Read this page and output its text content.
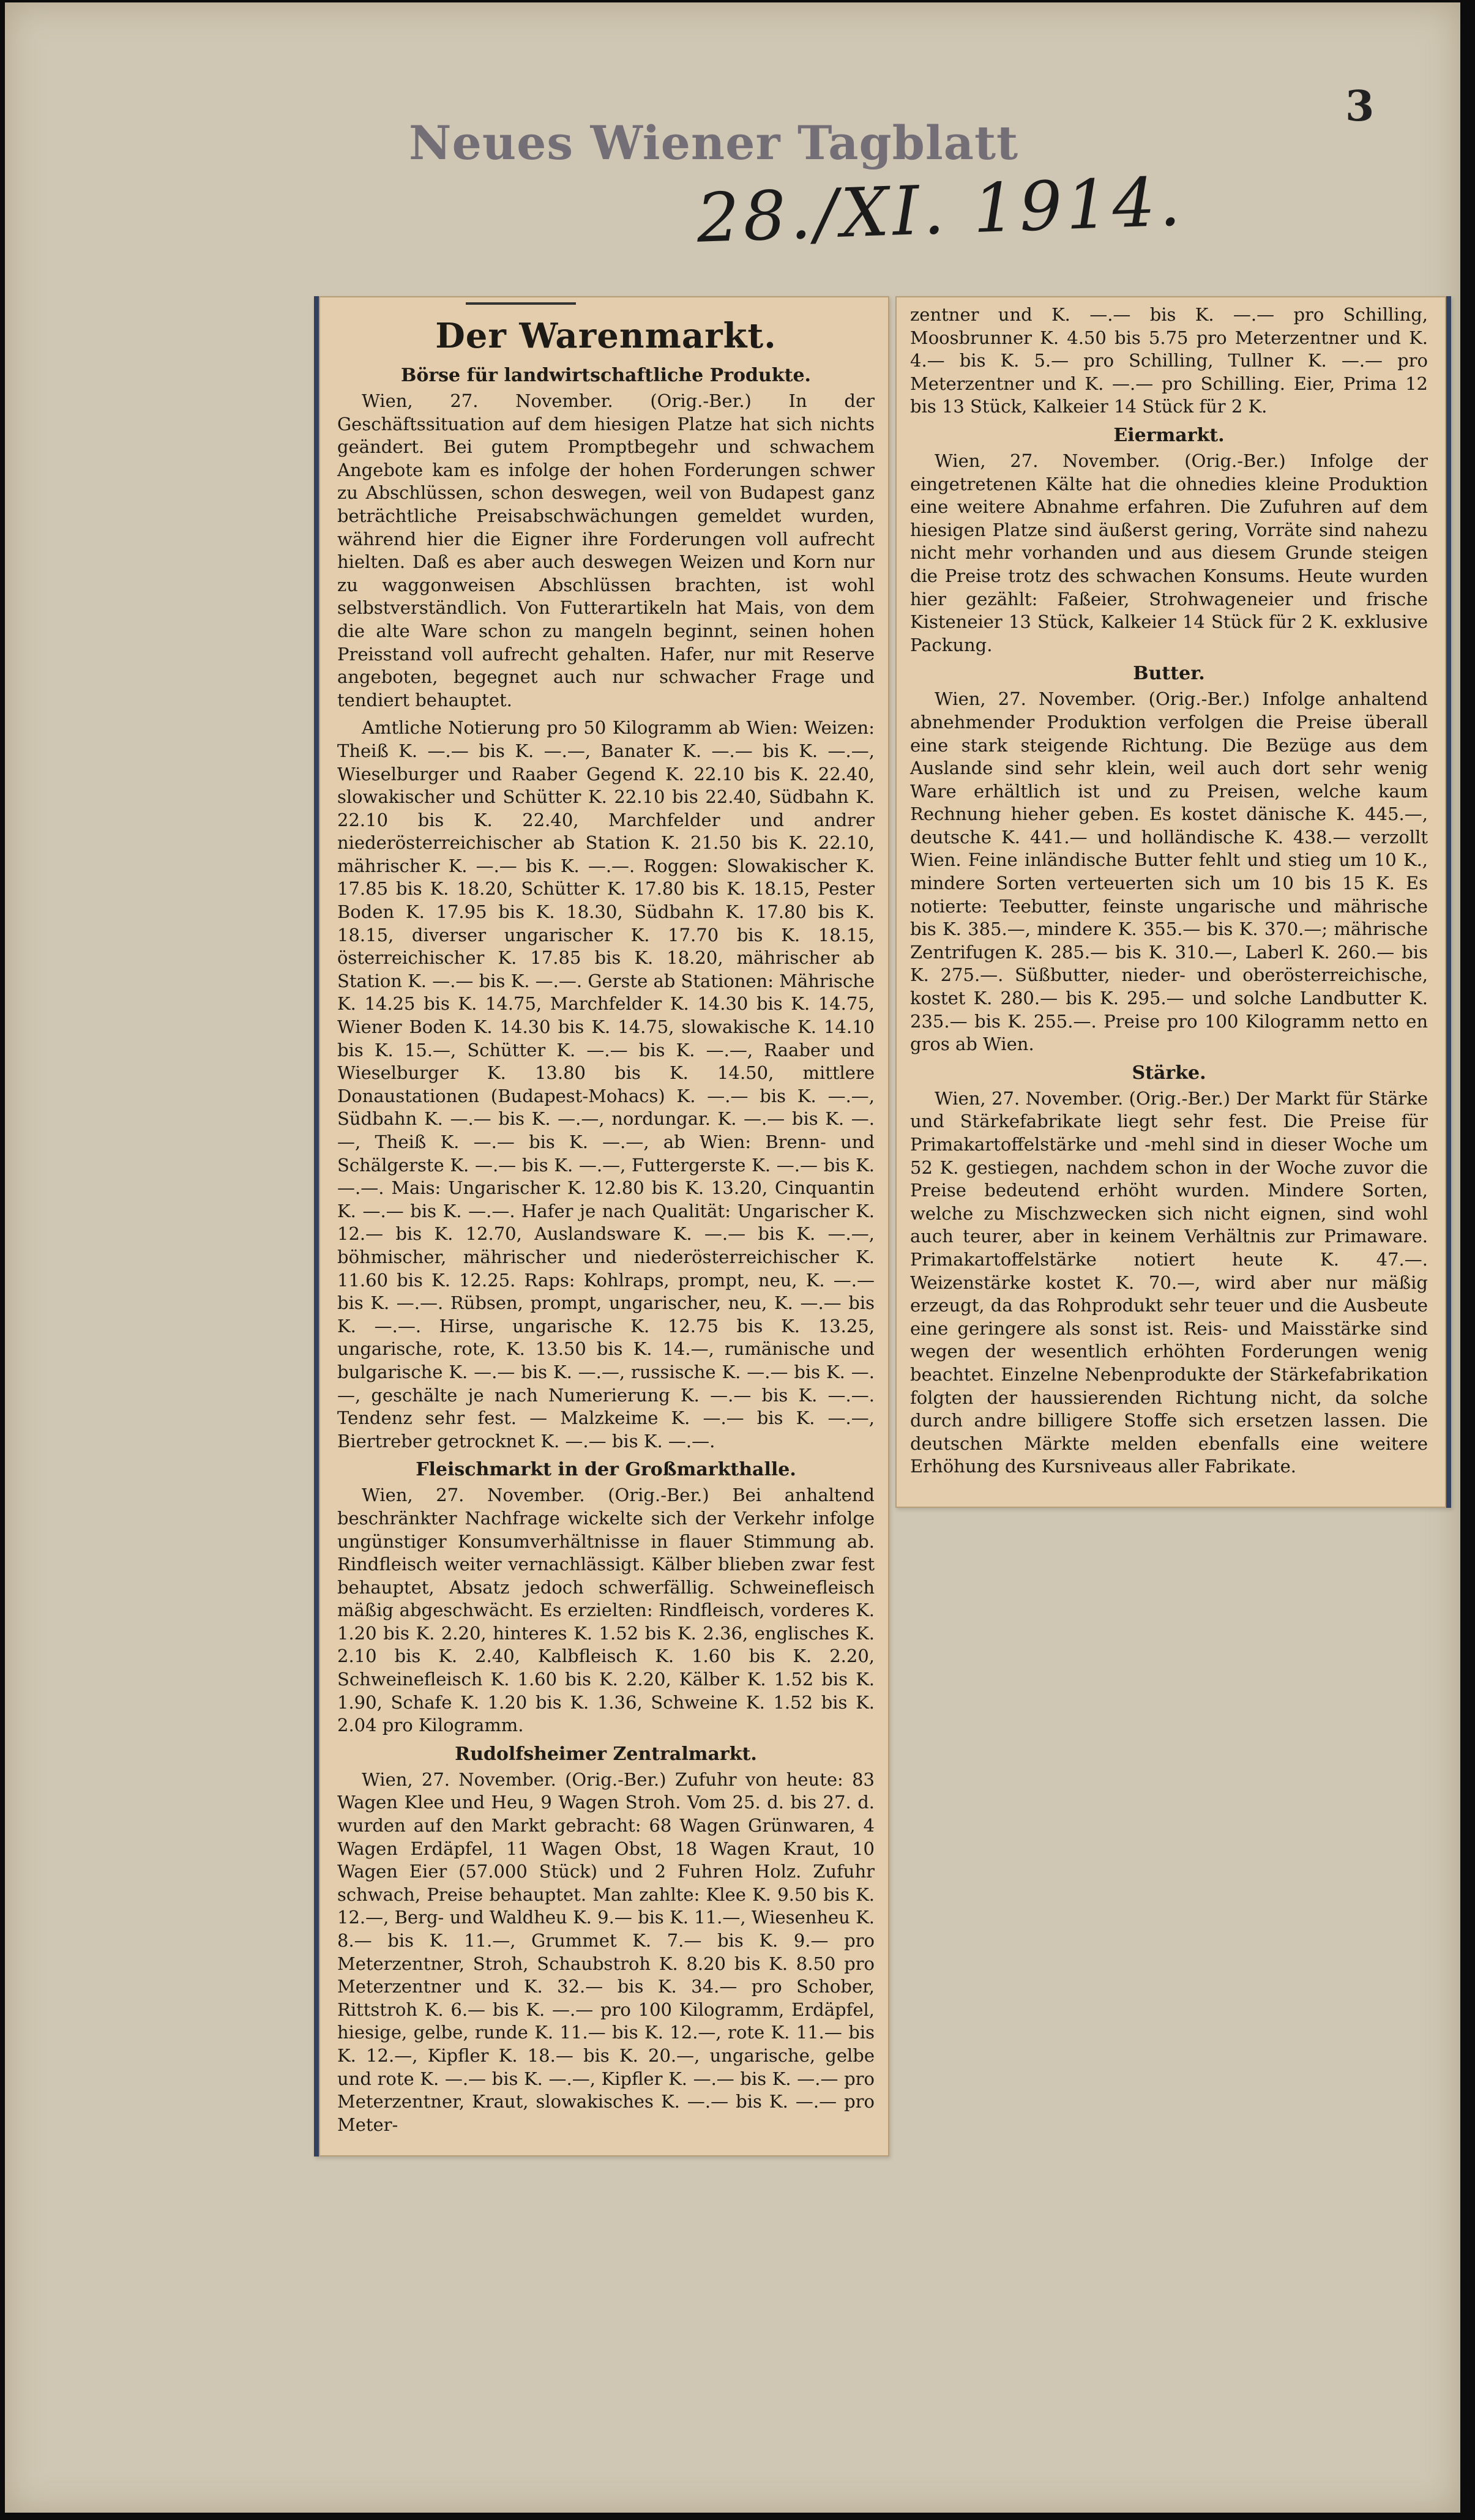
3
Neues Wiener Tagblatt
28./XI. 1914.
Der Warenmarkt.
Börse für landwirtschaftliche Produkte.

Wien, 27. November. (Orig.-Ber.) In der Geschäftssituation auf dem hiesigen Platze hat sich nichts geändert. Bei gutem Promptbegehr und schwachem Angebote kam es infolge der hohen Forderungen schwer zu Abschlüssen, schon deswegen, weil von Budapest ganz beträchtliche Preisabschwächungen gemeldet wurden, während hier die Eigner ihre Forderungen voll aufrecht hielten. Daß es aber auch deswegen Weizen und Korn nur zu waggonweisen Abschlüssen brachten, ist wohl selbstverständlich. Von Futterartikeln hat Mais, von dem die alte Ware schon zu mangeln beginnt, seinen hohen Preisstand voll aufrecht gehalten. Hafer, nur mit Reserve angeboten, begegnet auch nur schwacher Frage und tendiert behauptet.

Amtliche Notierung pro 50 Kilogramm ab Wien: Weizen: Theiß K. —.— bis K. —.—, Banater K. —.— bis K. —.—, Wieselburger und Raaber Gegend K. 22.10 bis K. 22.40, slowakischer und Schütter K. 22.10 bis 22.40, Südbahn K. 22.10 bis K. 22.40, Marchfelder und andrer niederösterreichischer ab Station K. 21.50 bis K. 22.10, mährischer K. —.— bis K. —.—. Roggen: Slowakischer K. 17.85 bis K. 18.20, Schütter K. 17.80 bis K. 18.15, Pester Boden K. 17.95 bis K. 18.30, Südbahn K. 17.80 bis K. 18.15, diverser ungarischer K. 17.70 bis K. 18.15, österreichischer K. 17.85 bis K. 18.20, mährischer ab Station K. —.— bis K. —.—. Gerste ab Stationen: Mährische K. 14.25 bis K. 14.75, Marchfelder K. 14.30 bis K. 14.75, Wiener Boden K. 14.30 bis K. 14.75, slowakische K. 14.10 bis K. 15.—, Schütter K. —.— bis K. —.—, Raaber und Wieselburger K. 13.80 bis K. 14.50, mittlere Donaustationen (Budapest-Mohacs) K. —.— bis K. —.—, Südbahn K. —.— bis K. —.—, nordungar. K. —.— bis K. —.—, Theiß K. —.— bis K. —.—, ab Wien: Brenn- und Schälgerste K. —.— bis K. —.—, Futtergerste K. —.— bis K. —.—. Mais: Ungarischer K. 12.80 bis K. 13.20, Cinquantin K. —.— bis K. —.—. Hafer je nach Qualität: Ungarischer K. 12.— bis K. 12.70, Auslandsware K. —.— bis K. —.—, böhmischer, mährischer und niederösterreichischer K. 11.60 bis K. 12.25. Raps: Kohlraps, prompt, neu, K. —.— bis K. —.—. Rübsen, prompt, ungarischer, neu, K. —.— bis K. —.—. Hirse, ungarische K. 12.75 bis K. 13.25, ungarische, rote, K. 13.50 bis K. 14.—, rumänische und bulgarische K. —.— bis K. —.—, russische K. —.— bis K. —.—, geschälte je nach Numerierung K. —.— bis K. —.—. Tendenz sehr fest. — Malzkeime K. —.— bis K. —.—, Biertreber getrocknet K. —.— bis K. —.—.

Fleischmarkt in der Großmarkthalle.

Wien, 27. November. (Orig.-Ber.) Bei anhaltend beschränkter Nachfrage wickelte sich der Verkehr infolge ungünstiger Konsumverhältnisse in flauer Stimmung ab. Rindfleisch weiter vernachlässigt. Kälber blieben zwar fest behauptet, Absatz jedoch schwerfällig. Schweinefleisch mäßig abgeschwächt. Es erzielten: Rindfleisch, vorderes K. 1.20 bis K. 2.20, hinteres K. 1.52 bis K. 2.36, englisches K. 2.10 bis K. 2.40, Kalbfleisch K. 1.60 bis K. 2.20, Schweinefleisch K. 1.60 bis K. 2.20, Kälber K. 1.52 bis K. 1.90, Schafe K. 1.20 bis K. 1.36, Schweine K. 1.52 bis K. 2.04 pro Kilogramm.

Rudolfsheimer Zentralmarkt.

Wien, 27. November. (Orig.-Ber.) Zufuhr von heute: 83 Wagen Klee und Heu, 9 Wagen Stroh. Vom 25. d. bis 27. d. wurden auf den Markt gebracht: 68 Wagen Grünwaren, 4 Wagen Erdäpfel, 11 Wagen Obst, 18 Wagen Kraut, 10 Wagen Eier (57.000 Stück) und 2 Fuhren Holz. Zufuhr schwach, Preise behauptet. Man zahlte: Klee K. 9.50 bis K. 12.—, Berg- und Waldheu K. 9.— bis K. 11.—, Wiesenheu K. 8.— bis K. 11.—, Grummet K. 7.— bis K. 9.— pro Meterzentner, Stroh, Schaubstroh K. 8.20 bis K. 8.50 pro Meterzentner und K. 32.— bis K. 34.— pro Schober, Rittstroh K. 6.— bis K. —.— pro 100 Kilogramm, Erdäpfel, hiesige, gelbe, runde K. 11.— bis K. 12.—, rote K. 11.— bis K. 12.—, Kipfler K. 18.— bis K. 20.—, ungarische, gelbe und rote K. —.— bis K. —.—, Kipfler K. —.— bis K. —.— pro Meterzentner, Kraut, slowakisches K. —.— bis K. —.— pro Meter-

zentner und K. —.— bis K. —.— pro Schilling, Moosbrunner K. 4.50 bis 5.75 pro Meterzentner und K. 4.— bis K. 5.— pro Schilling, Tullner K. —.— pro Meterzentner und K. —.— pro Schilling. Eier, Prima 12 bis 13 Stück, Kalkeier 14 Stück für 2 K.

Eiermarkt.

Wien, 27. November. (Orig.-Ber.) Infolge der eingetretenen Kälte hat die ohnedies kleine Produktion eine weitere Abnahme erfahren. Die Zufuhren auf dem hiesigen Platze sind äußerst gering, Vorräte sind nahezu nicht mehr vorhanden und aus diesem Grunde steigen die Preise trotz des schwachen Konsums. Heute wurden hier gezählt: Faßeier, Strohwageneier und frische Kisteneier 13 Stück, Kalkeier 14 Stück für 2 K. exklusive Packung.

Butter.

Wien, 27. November. (Orig.-Ber.) Infolge anhaltend abnehmender Produktion verfolgen die Preise überall eine stark steigende Richtung. Die Bezüge aus dem Auslande sind sehr klein, weil auch dort sehr wenig Ware erhältlich ist und zu Preisen, welche kaum Rechnung hieher geben. Es kostet dänische K. 445.—, deutsche K. 441.— und holländische K. 438.— verzollt Wien. Feine inländische Butter fehlt und stieg um 10 K., mindere Sorten verteuerten sich um 10 bis 15 K. Es notierte: Teebutter, feinste ungarische und mährische bis K. 385.—, mindere K. 355.— bis K. 370.—; mährische Zentrifugen K. 285.— bis K. 310.—, Laberl K. 260.— bis K. 275.—. Süßbutter, nieder- und oberösterreichische, kostet K. 280.— bis K. 295.— und solche Landbutter K. 235.— bis K. 255.—. Preise pro 100 Kilogramm netto en gros ab Wien.

Stärke.

Wien, 27. November. (Orig.-Ber.) Der Markt für Stärke und Stärkefabrikate liegt sehr fest. Die Preise für Primakartoffelstärke und -mehl sind in dieser Woche um 52 K. gestiegen, nachdem schon in der Woche zuvor die Preise bedeutend erhöht wurden. Mindere Sorten, welche zu Mischzwecken sich nicht eignen, sind wohl auch teurer, aber in keinem Verhältnis zur Primaware. Primakartoffelstärke notiert heute K. 47.—. Weizenstärke kostet K. 70.—, wird aber nur mäßig erzeugt, da das Rohprodukt sehr teuer und die Ausbeute eine geringere als sonst ist. Reis- und Maisstärke sind wegen der wesentlich erhöhten Forderungen wenig beachtet. Einzelne Nebenprodukte der Stärkefabrikation folgten der haussierenden Richtung nicht, da solche durch andre billigere Stoffe sich ersetzen lassen. Die deutschen Märkte melden ebenfalls eine weitere Erhöhung des Kursniveaus aller Fabrikate.
